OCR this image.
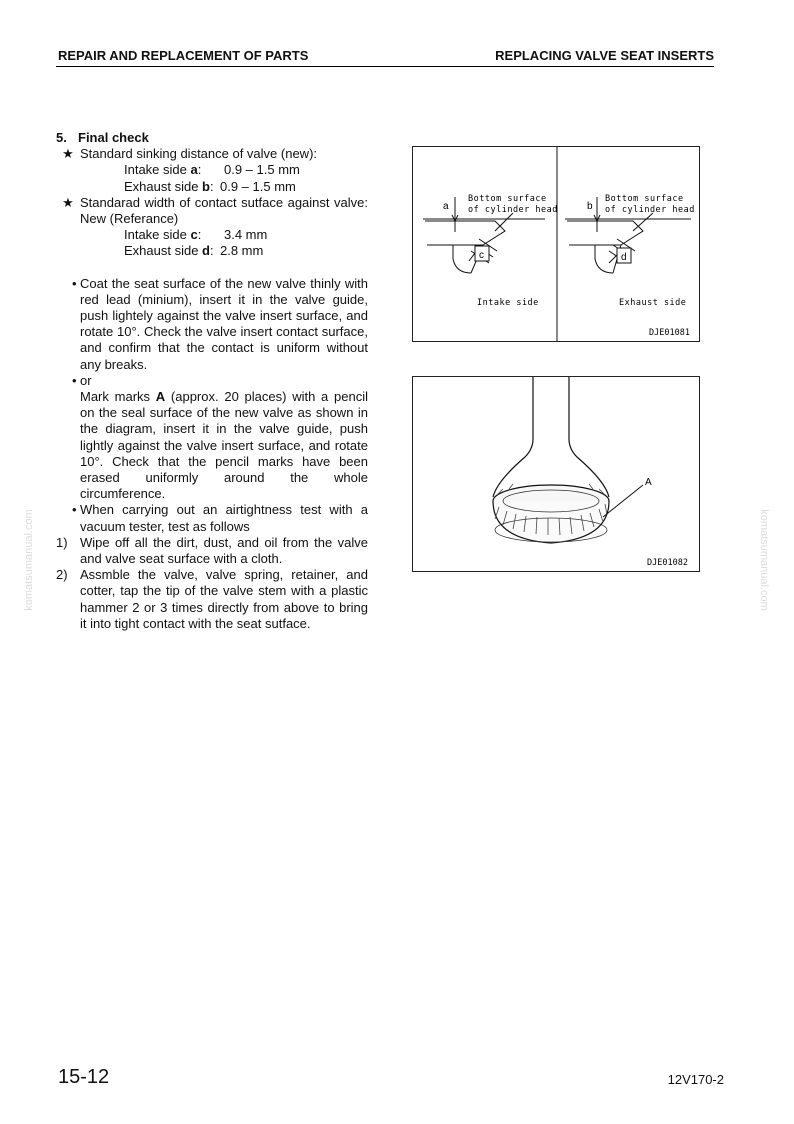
REPAIR AND REPLACEMENT OF PARTS	REPLACING VALVE SEAT INSERTS
5. Final check
★ Standard sinking distance of valve (new):
Intake side a: 0.9 – 1.5 mm
Exhaust side b: 0.9 – 1.5 mm
★ Standarad width of contact sutface against valve: New (Referance)
Intake side c: 3.4 mm
Exhaust side d: 2.8 mm
• Coat the seat surface of the new valve thinly with red lead (minium), insert it in the valve guide, push lightely against the valve insert surface, and rotate 10°. Check the valve insert contact surface, and confirm that the contact is uniform without any breaks.
• or
Mark marks A (approx. 20 places) with a pencil on the seal surface of the new valve as shown in the diagram, insert it in the valve guide, push lightly against the valve insert surface, and rotate 10°. Check that the pencil marks have been erased uniformly around the whole circumference.
• When carrying out an airtightness test with a vacuum tester, test as follows
1) Wipe off all the dirt, dust, and oil from the valve and valve seat surface with a cloth.
2) Assmble the valve, valve spring, retainer, and cotter, tap the tip of the valve stem with a plastic hammer 2 or 3 times directly from above to bring it into tight contact with the seat sutface.
a
Bottom surface
of cylinder head
c
Intake side
b
Bottom surface
of cylinder head
d
Exhaust side
DJE01081
A
DJE01082
komatsumanual.com	komatsumanual.com
15-12	12V170-2
